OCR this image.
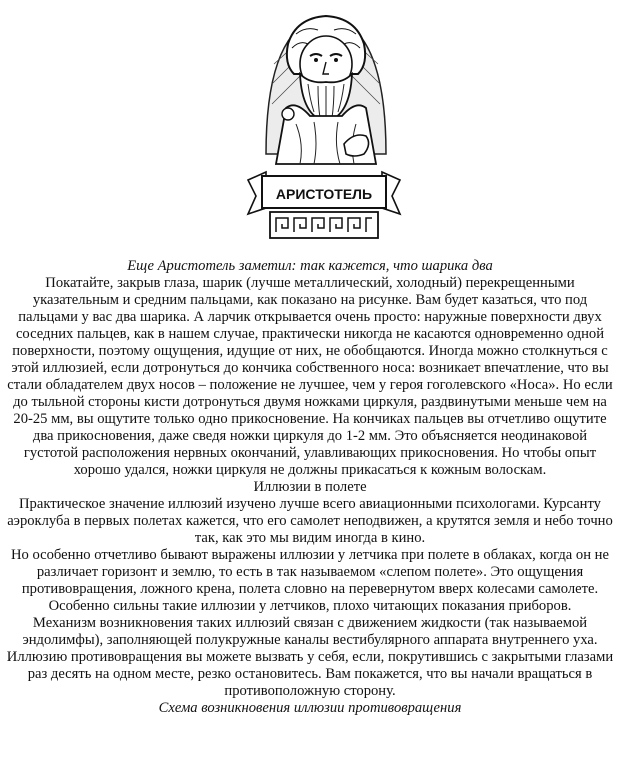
АРИСТОТЕЛЬ

Еще Аристотель заметил: так кажется, что шарика два

Покатайте, закрыв глаза, шарик (лучше металлический, холодный) перекрещенными указательным и средним пальцами, как показано на рисунке. Вам будет казаться, что под пальцами у вас два шарика. А ларчик открывается очень просто: наружные поверхности двух соседних пальцев, как в нашем случае, практически никогда не касаются одновременно одной поверхности, поэтому ощущения, идущие от них, не обобщаются. Иногда можно столкнуться с этой иллюзией, если дотронуться до кончика собственного носа: возникает впечатление, что вы стали обладателем двух носов – положение не лучшее, чем у героя гоголевского «Носа». Но если до тыльной стороны кисти дотронуться двумя ножками циркуля, раздвинутыми меньше чем на 20-25 мм, вы ощутите только одно прикосновение. На кончиках пальцев вы отчетливо ощутите два прикосновения, даже сведя ножки циркуля до 1-2 мм. Это объясняется неодинаковой густотой расположения нервных окончаний, улавливающих прикосновения. Но чтобы опыт хорошо удался, ножки циркуля не должны прикасаться к кожным волоскам.

Иллюзии в полете

Практическое значение иллюзий изучено лучше всего авиационными психологами. Курсанту аэроклуба в первых полетах кажется, что его самолет неподвижен, а крутятся земля и небо точно так, как это мы видим иногда в кино.

Но особенно отчетливо бывают выражены иллюзии у летчика при полете в облаках, когда он не различает горизонт и землю, то есть в так называемом «слепом полете». Это ощущения противовращения, ложного крена, полета словно на перевернутом вверх колесами самолете. Особенно сильны такие иллюзии у летчиков, плохо читающих показания приборов.

Механизм возникновения таких иллюзий связан с движением жидкости (так называемой эндолимфы), заполняющей полукружные каналы вестибулярного аппарата внутреннего уха. Иллюзию противовращения вы можете вызвать у себя, если, покрутившись с закрытыми глазами раз десять на одном месте, резко остановитесь. Вам покажется, что вы начали вращаться в противоположную сторону.

Схема возникновения иллюзии противовращения
